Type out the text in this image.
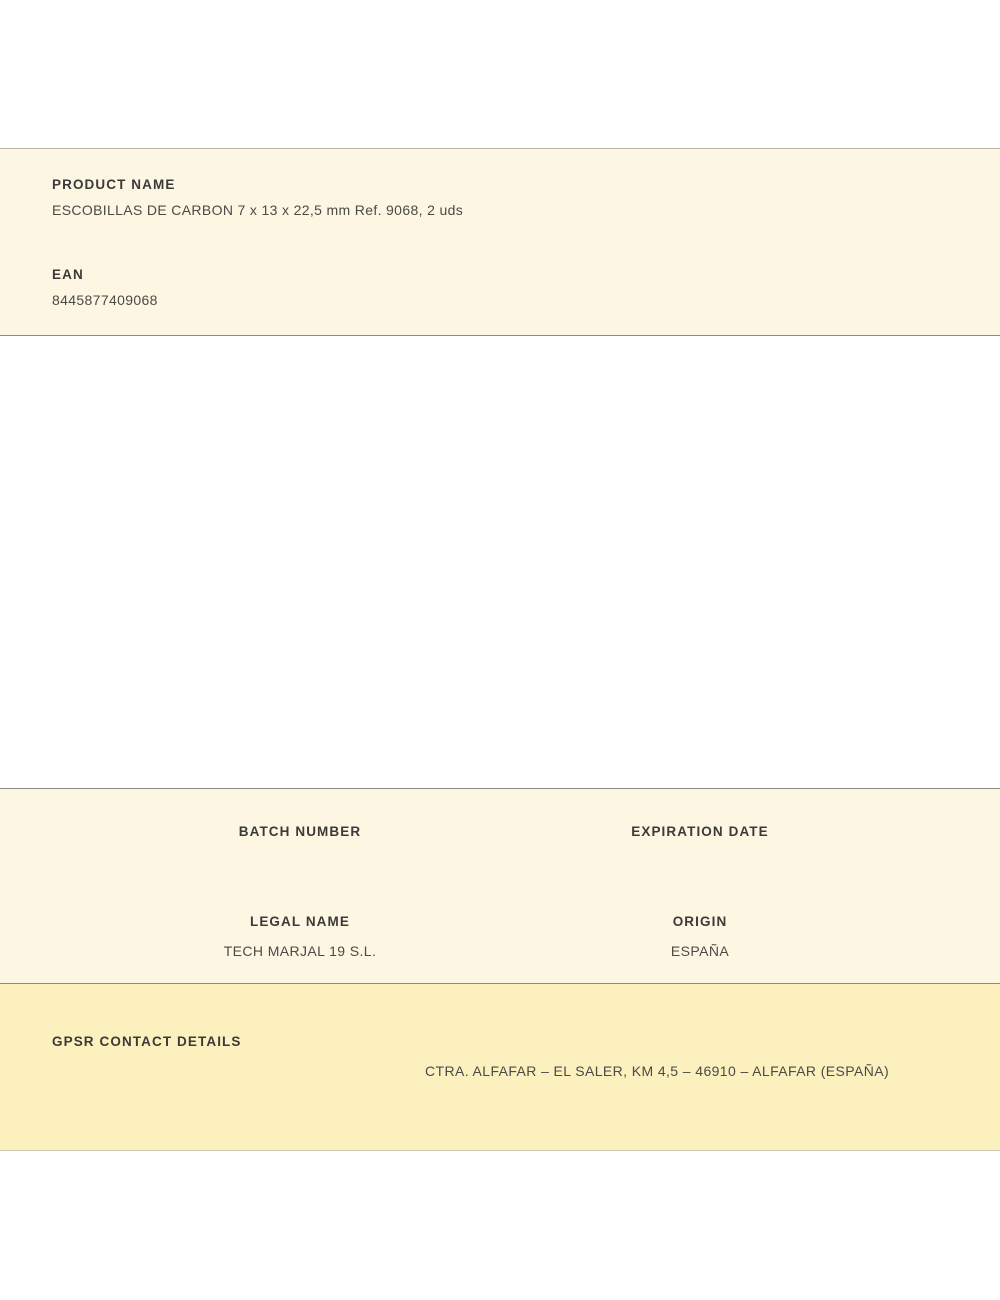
PRODUCT NAME
ESCOBILLAS DE CARBON 7 x 13 x 22,5 mm Ref. 9068, 2 uds
EAN
8445877409068
BATCH NUMBER	EXPIRATION DATE
LEGAL NAME
TECH MARJAL 19 S.L.
ORIGIN
ESPAÑA
GPSR CONTACT DETAILS
CTRA. ALFAFAR – EL SALER, KM 4,5 – 46910 – ALFAFAR (ESPAÑA)
